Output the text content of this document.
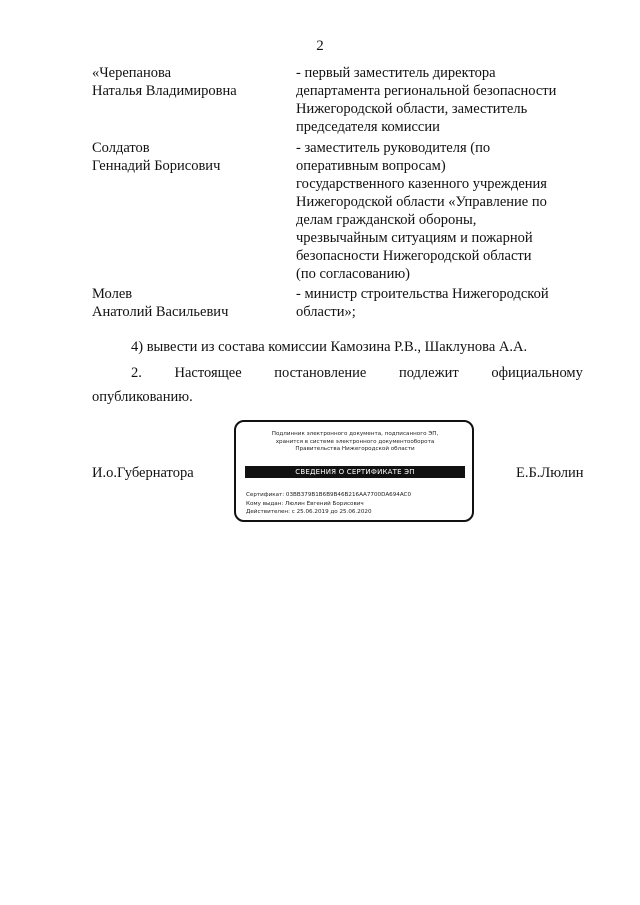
2
«Черепанова
Наталья Владимировна
- первый заместитель директора
департамента региональной безопасности
Нижегородской области, заместитель
председателя комиссии
Солдатов
Геннадий Борисович
- заместитель руководителя (по
оперативным вопросам)
государственного казенного учреждения
Нижегородской области «Управление по
делам гражданской обороны,
чрезвычайным ситуациям и пожарной
безопасности Нижегородской области
(по согласованию)
Молев
Анатолий Васильевич
- министр строительства Нижегородской
области»;
4) вывести из состава комиссии Камозина Р.В., Шаклунова А.А.
2.         Настоящее         постановление         подлежит         официальному
опубликованию.
И.о.Губернатора	Е.Б.Люлин
Подлинник электронного документа, подписанного ЭП,
хранится в системе электронного документооборота
Правительства Нижегородской области
СВЕДЕНИЯ О СЕРТИФИКАТЕ ЭП
Сертификат: 03BB379B1B6B9B46B216AA7700DA694AC0
Кому выдан: Люлин Евгений Борисович
Действителен: с 25.06.2019 до 25.06.2020
